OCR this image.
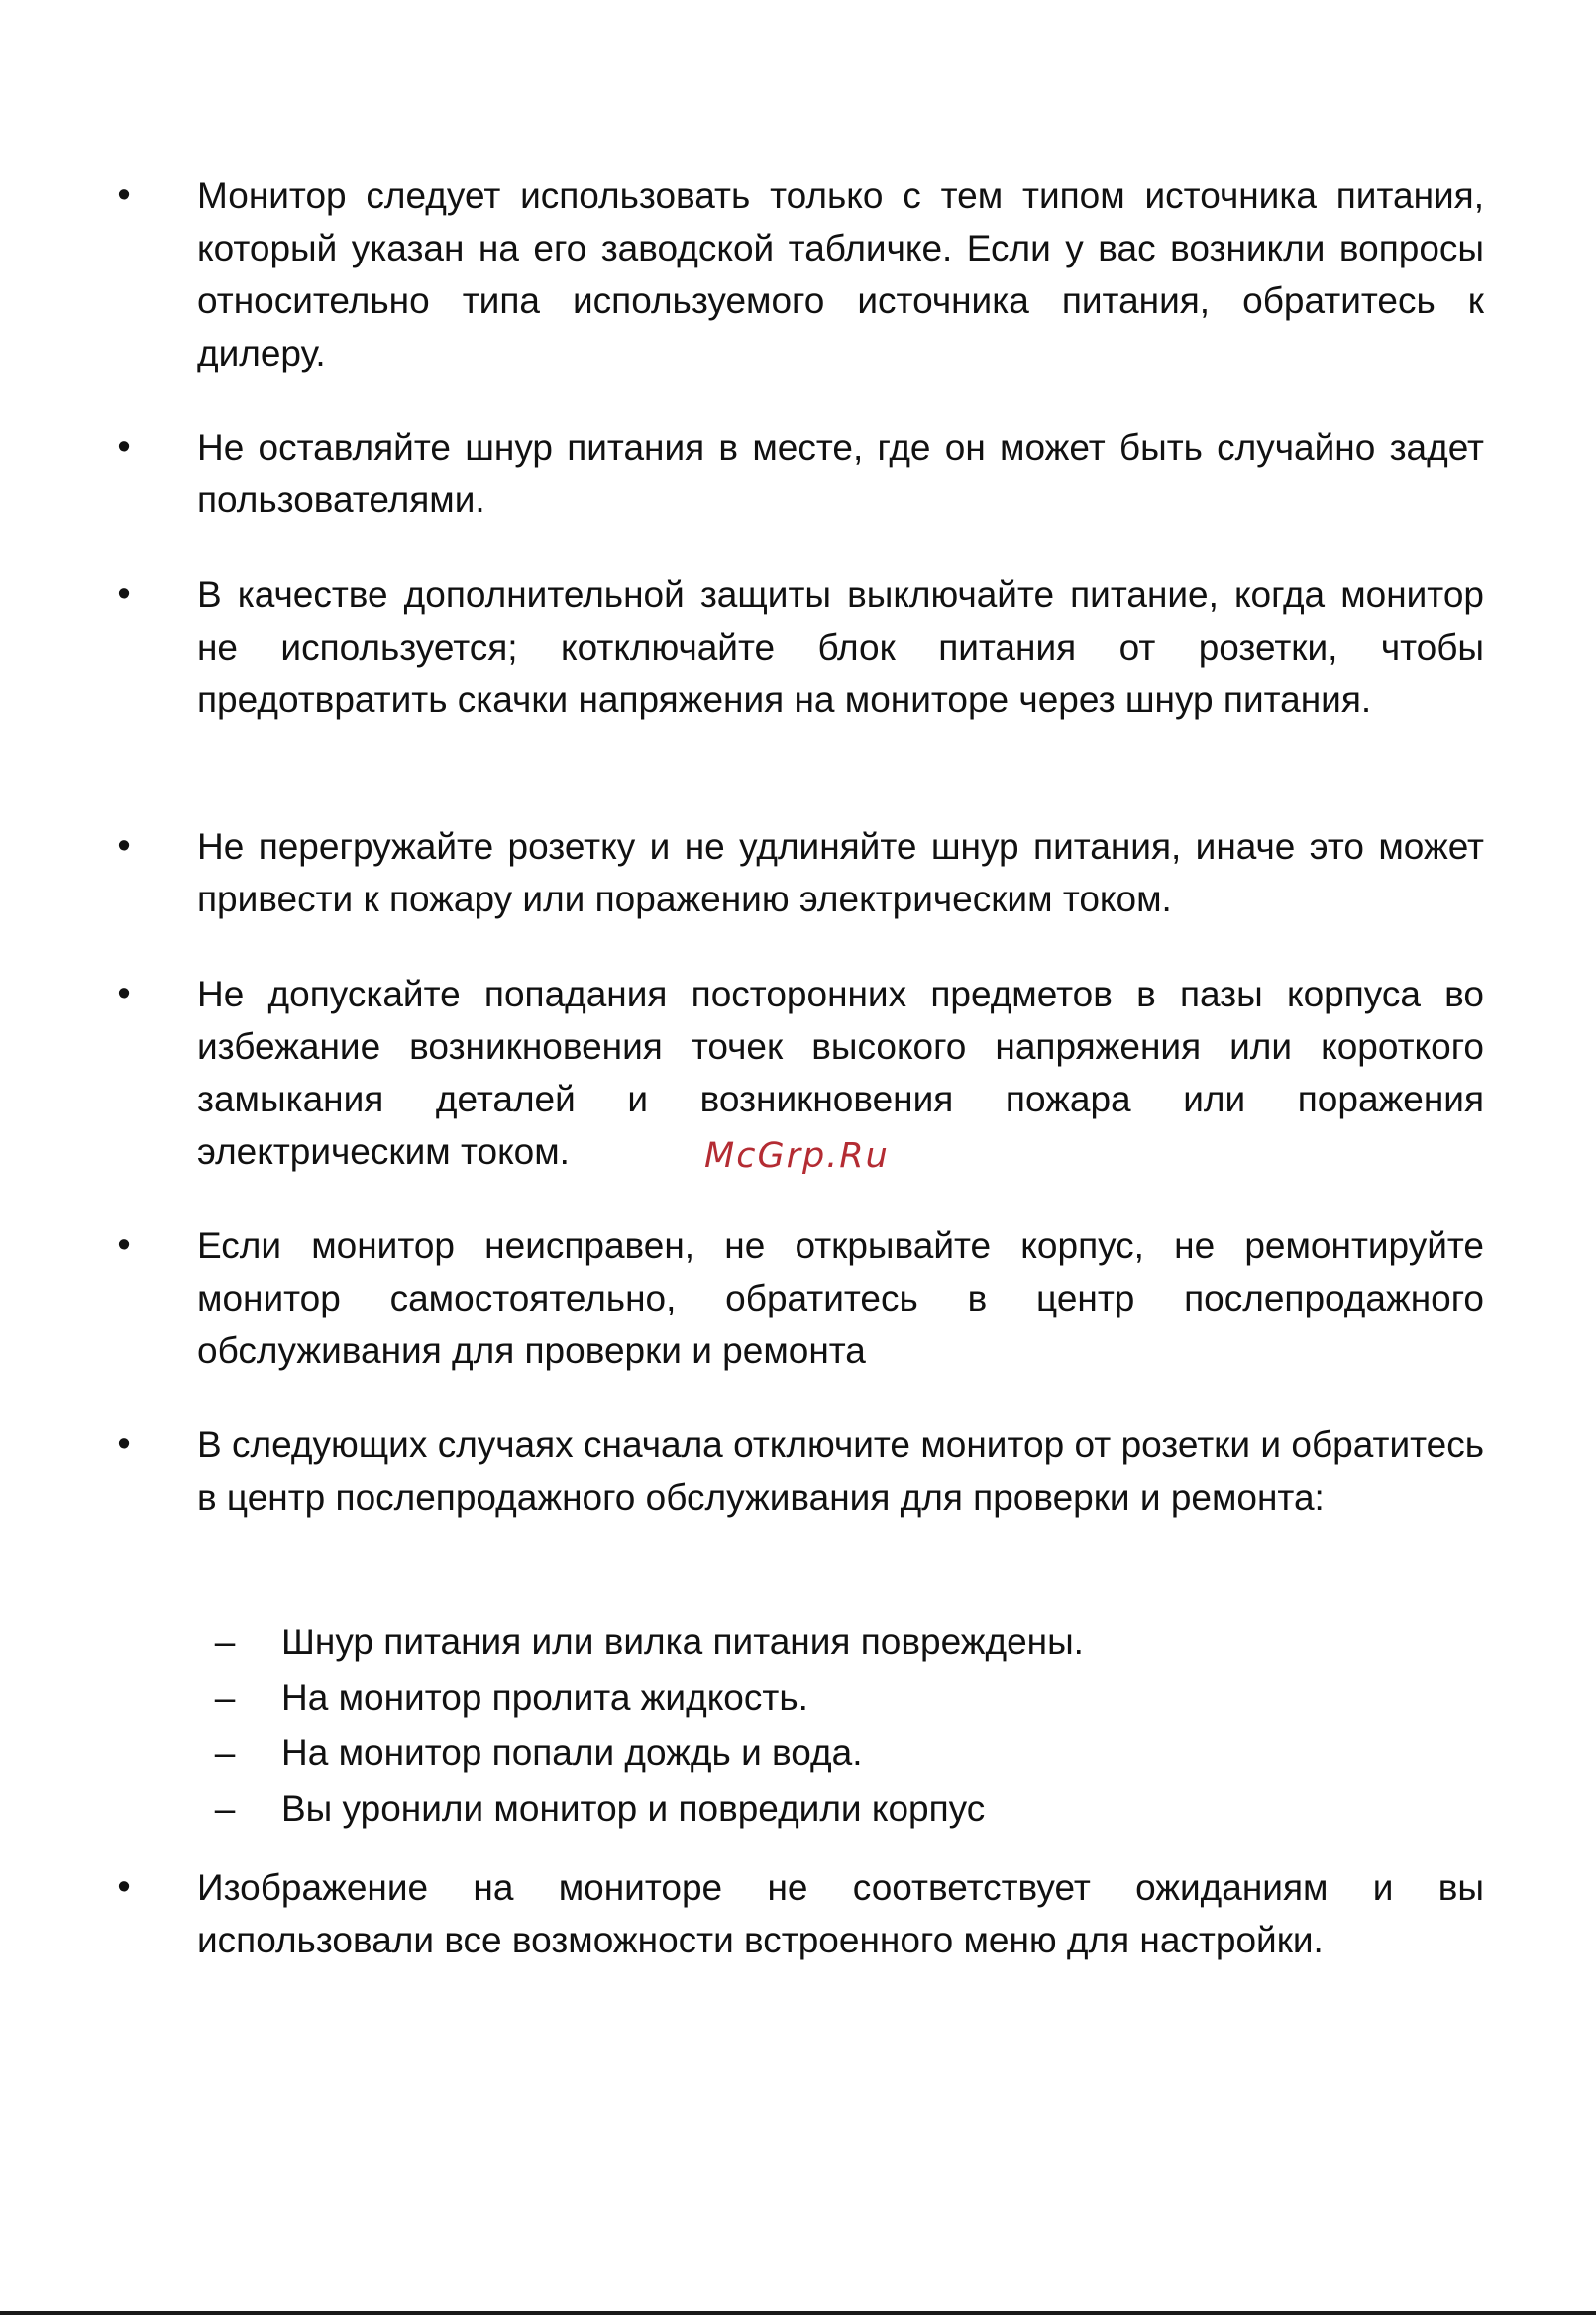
• Монитор следует использовать только с тем типом источника питания, который указан на его заводской табличке. Если у вас возникли вопросы относительно типа используемого источника питания, обратитесь к дилеру.
• Не оставляйте шнур питания в месте, где он может быть случайно задет пользователями.
• В качестве дополнительной защиты выключайте питание, когда монитор не используется; котключайте блок питания от розетки, чтобы предотвратить скачки напряжения на мониторе через шнур питания.
• Не перегружайте розетку и не удлиняйте шнур питания, иначе это может привести к пожару или поражению электрическим током.
• Не допускайте попадания посторонних предметов в пазы корпуса во избежание возникновения точек высокого напряжения или короткого замыкания деталей и возникновения пожара или поражения электрическим током.
• Если монитор неисправен, не открывайте корпус, не ремонтируйте монитор самостоятельно, обратитесь в центр послепродажного обслуживания для проверки и ремонта
• В следующих случаях сначала отключите монитор от розетки и обратитесь в центр послепродажного обслуживания для проверки и ремонта:
– Шнур питания или вилка питания повреждены.
– На монитор пролита жидкость.
– На монитор попали дождь и вода.
– Вы уронили монитор и повредили корпус
• Изображение на мониторе не соответствует ожиданиям и вы использовали все возможности встроенного меню для настройки.
McGrp.Ru
